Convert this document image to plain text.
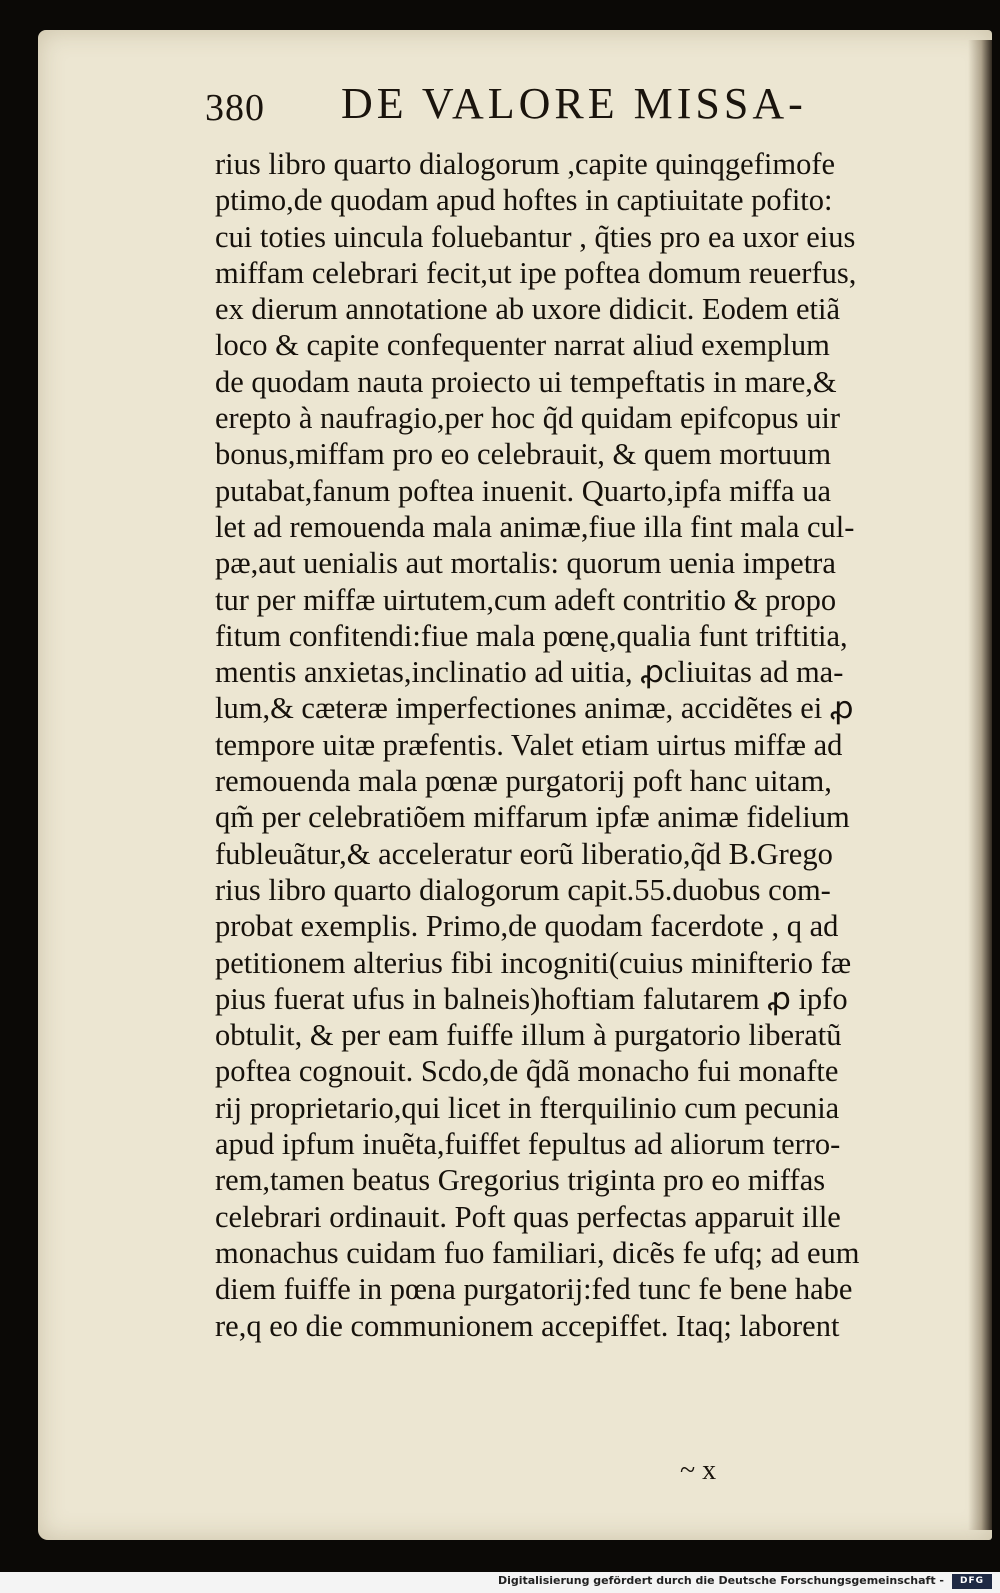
380 DE VALORE MISSA-
rius libro quarto dialogorum ,capite quinqgefimofe
ptimo,de quodam apud hoftes in captiuitate pofito:
cui toties uincula foluebantur , q̃ties pro ea uxor eius
miffam celebrari fecit,ut ipe poftea domum reuerfus,
ex dierum annotatione ab uxore didicit. Eodem etiã
loco & capite confequenter narrat aliud exemplum
de quodam nauta proiecto ui tempeftatis in mare,&
erepto à naufragio,per hoc q̃d quidam epifcopus uir
bonus,miffam pro eo celebrauit, & quem mortuum
putabat,fanum poftea inuenit. Quarto,ipfa miffa ua
let ad remouenda mala animæ,fiue illa fint mala cul-
pæ,aut uenialis aut mortalis: quorum uenia impetra
tur per miffæ uirtutem,cum adeft contritio & propo
fitum confitendi:fiue mala pœnę,qualia funt triftitia,
mentis anxietas,inclinatio ad uitia, ꝓcliuitas ad ma-
lum,& cæteræ imperfectiones animæ, accidẽtes ei ꝓ
tempore uitæ præfentis. Valet etiam uirtus miffæ ad
remouenda mala pœnæ purgatorij poft hanc uitam,
qm̃ per celebratiõem miffarum ipfæ animæ fidelium
fubleuãtur,& acceleratur eorũ liberatio,q̃d B.Grego
rius libro quarto dialogorum capit.55.duobus com-
probat exemplis. Primo,de quodam facerdote , q ad
petitionem alterius fibi incogniti(cuius minifterio fæ
pius fuerat ufus in balneis)hoftiam falutarem ꝓ ipfo
obtulit, & per eam fuiffe illum à purgatorio liberatũ
poftea cognouit. Scdo,de q̃dã monacho fui monafte
rij proprietario,qui licet in fterquilinio cum pecunia
apud ipfum inuẽta,fuiffet fepultus ad aliorum terro-
rem,tamen beatus Gregorius triginta pro eo miffas
celebrari ordinauit. Poft quas perfectas apparuit ille
monachus cuidam fuo familiari, dicẽs fe ufq; ad eum
diem fuiffe in pœna purgatorij:fed tunc fe bene habe
re,q eo die communionem accepiffet. Itaq; laborent
~ x
Digitalisierung gefördert durch die Deutsche Forschungsgemeinschaft -	DFG
